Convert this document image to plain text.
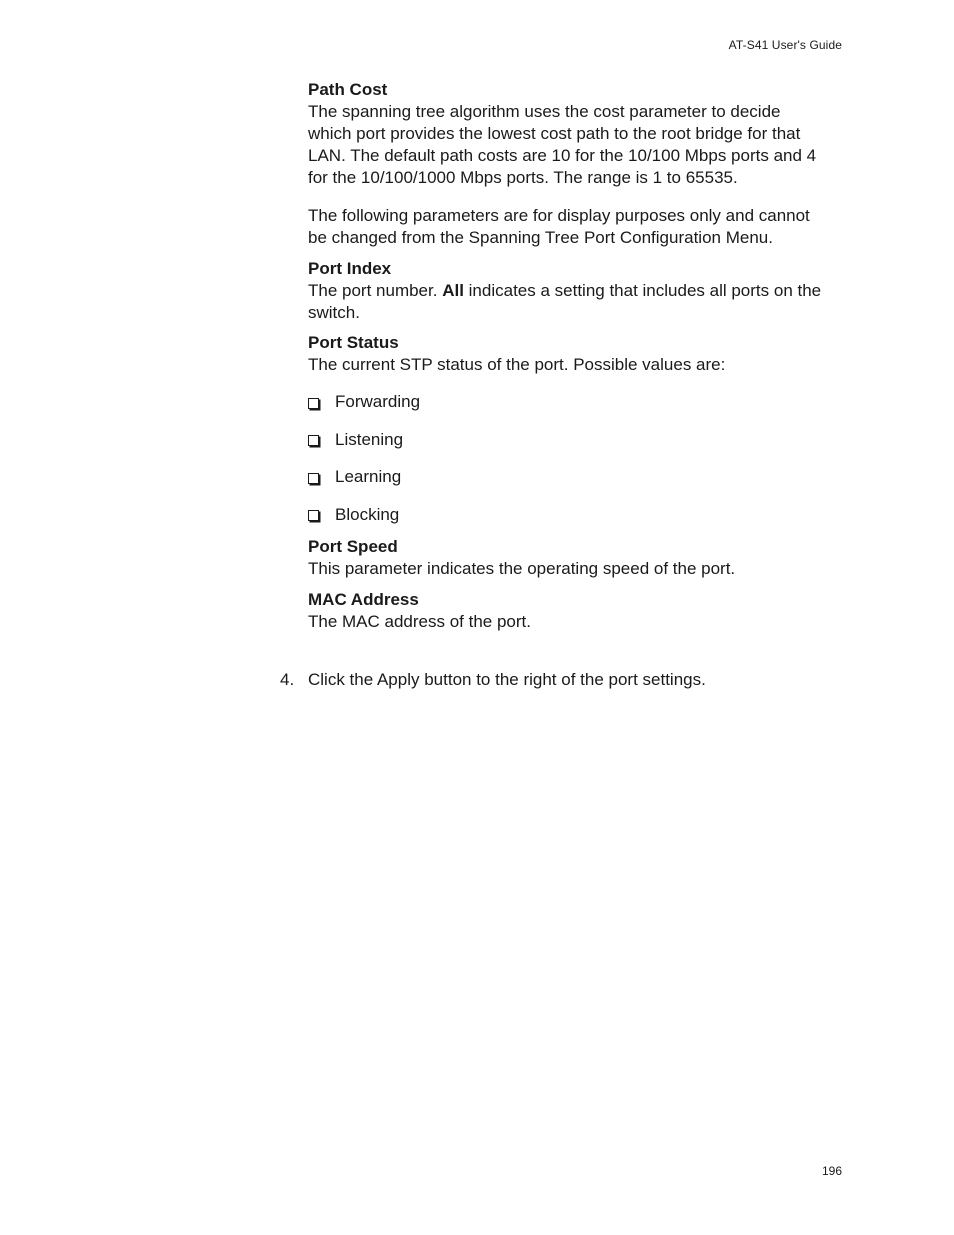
AT-S41 User's Guide

Path Cost

The spanning tree algorithm uses the cost parameter to decide which port provides the lowest cost path to the root bridge for that LAN. The default path costs are 10 for the 10/100 Mbps ports and 4 for the 10/100/1000 Mbps ports. The range is 1 to 65535.

The following parameters are for display purposes only and cannot be changed from the Spanning Tree Port Configuration Menu.

Port Index

The port number. All indicates a setting that includes all ports on the switch.

Port Status

The current STP status of the port. Possible values are:

Forwarding
Listening
Learning
Blocking

Port Speed

This parameter indicates the operating speed of the port.

MAC Address

The MAC address of the port.

4. Click the Apply button to the right of the port settings.
196
